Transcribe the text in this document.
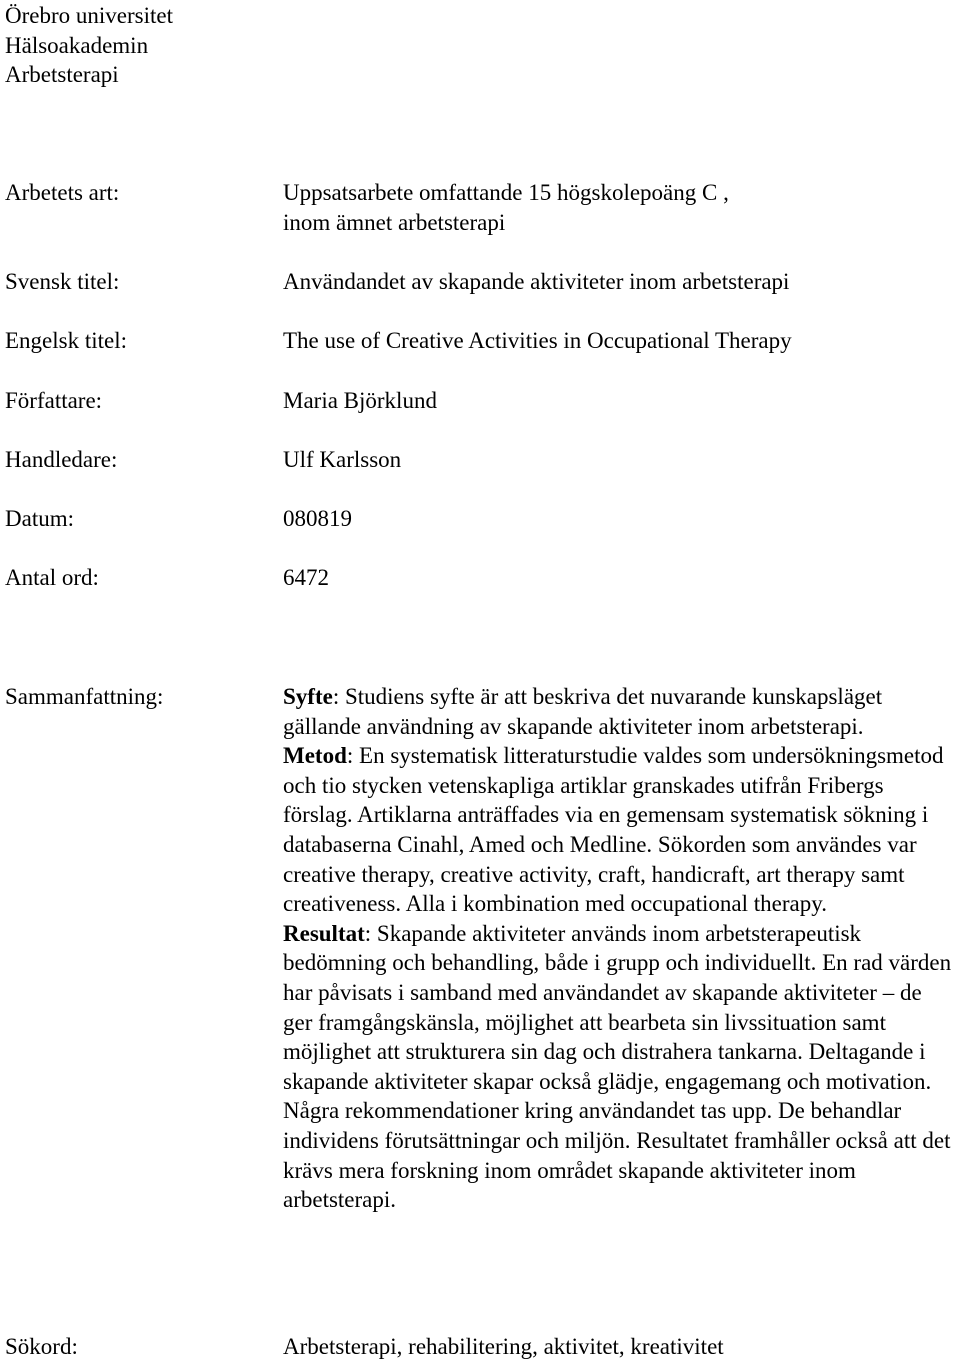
Örebro universitet
Hälsoakademin
Arbetsterapi
Arbetets art:	Uppsatsarbete omfattande 15 högskolepoäng C ,
inom ämnet arbetsterapi
Svensk titel:	Användandet av skapande aktiviteter inom arbetsterapi
Engelsk titel:	The use of Creative Activities in Occupational Therapy
Författare:	Maria Björklund
Handledare:	Ulf Karlsson
Datum:	080819
Antal ord:	6472
Sammanfattning:	Syfte: Studiens syfte är att beskriva det nuvarande kunskapsläget gällande användning av skapande aktiviteter inom arbetsterapi.

Metod: En systematisk litteraturstudie valdes som undersökningsmetod och tio stycken vetenskapliga artiklar granskades utifrån Fribergs förslag. Artiklarna anträffades via en gemensam systematisk sökning i databaserna Cinahl, Amed och Medline. Sökorden som användes var creative therapy, creative activity, craft, handicraft, art therapy samt creativeness. Alla i kombination med occupational therapy.

Resultat: Skapande aktiviteter används inom arbetsterapeutisk bedömning och behandling, både i grupp och individuellt. En rad värden har påvisats i samband med användandet av skapande aktiviteter – de ger framgångskänsla, möjlighet att bearbeta sin livssituation samt möjlighet att strukturera sin dag och distrahera tankarna. Deltagande i skapande aktiviteter skapar också glädje, engagemang och motivation. Några rekommendationer kring användandet tas upp. De behandlar individens förutsättningar och miljön. Resultatet framhåller också att det krävs mera forskning inom området skapande aktiviteter inom arbetsterapi.

Sökord:	Arbetsterapi, rehabilitering, aktivitet, kreativitet
